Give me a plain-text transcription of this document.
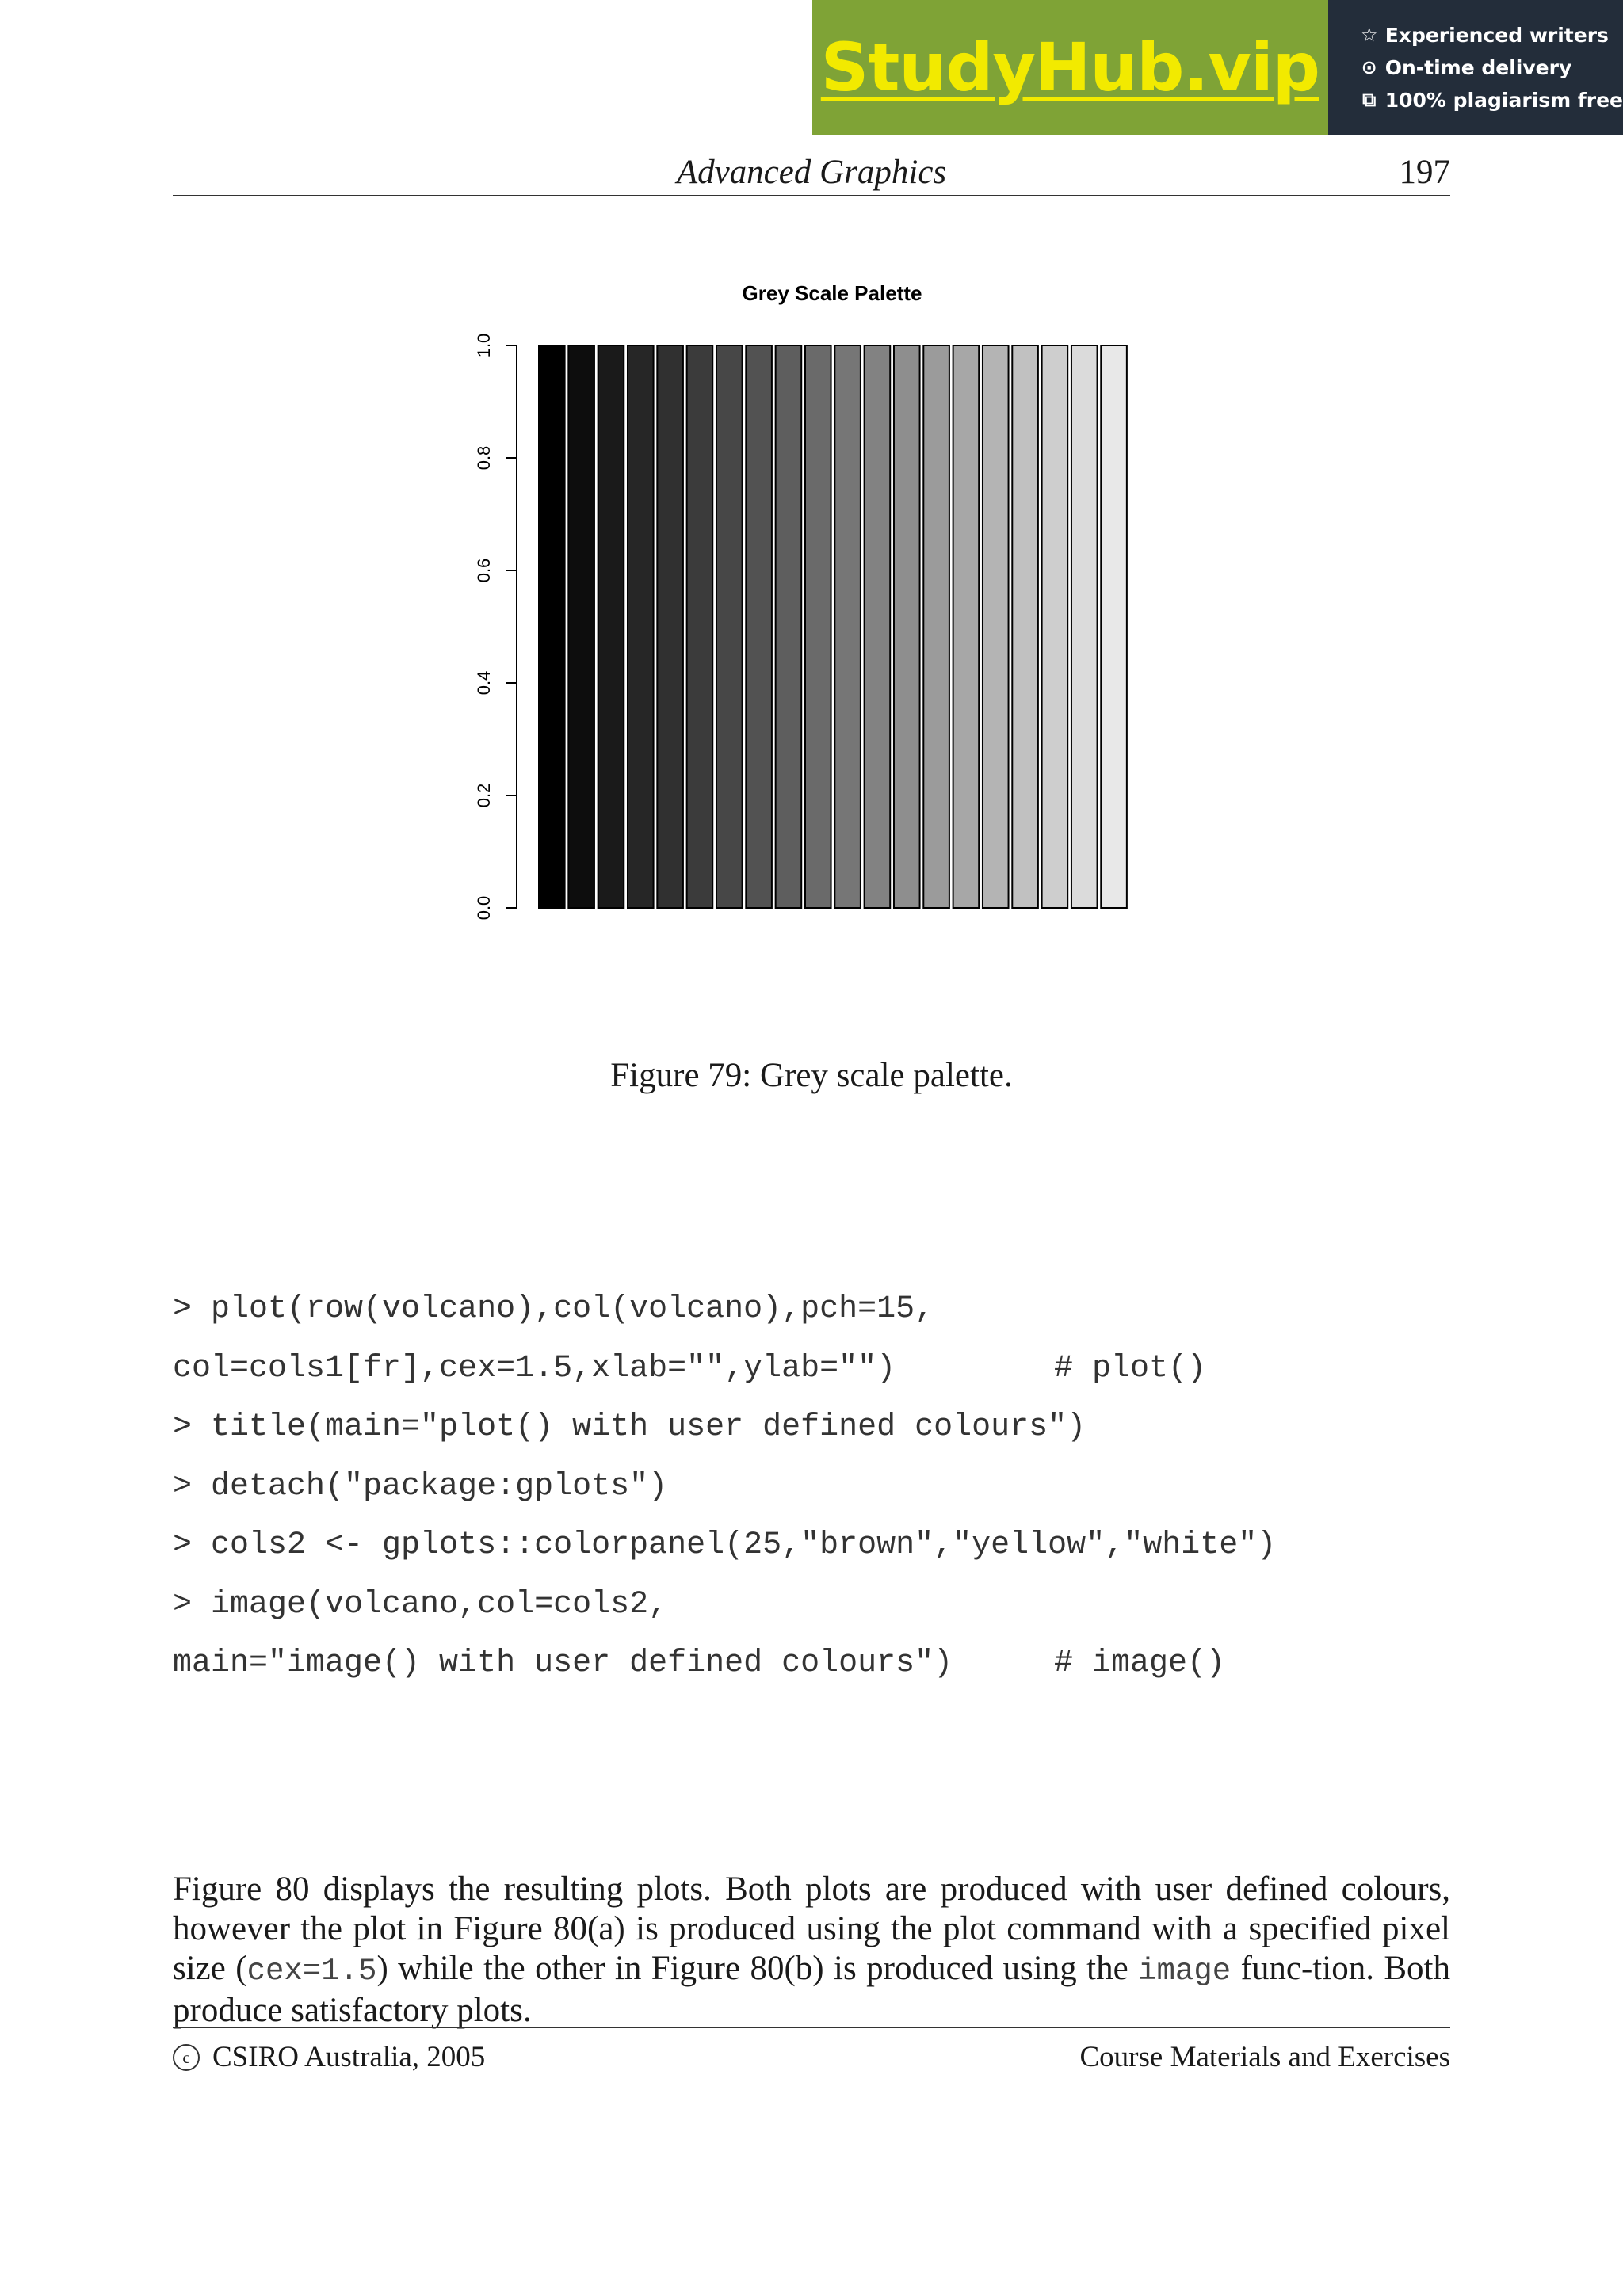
StudyHub.vip ☆ Experienced writers
⊙ On-time delivery
⧉ 100% plagiarism free
Advanced Graphics	197
Grey Scale Palette
0.0
0.2
0.4
0.6
0.8
1.0
Figure 79: Grey scale palette.
> plot(row(volcano),col(volcano),pch=15,
col=cols1[fr],cex=1.5,xlab="",ylab="")	# plot()
> title(main="plot() with user defined colours")
> detach("package:gplots")
> cols2 <- gplots::colorpanel(25,"brown","yellow","white")
> image(volcano,col=cols2,
main="image() with user defined colours")	# image()

Figure 80 displays the resulting plots. Both plots are produced with user defined colours, however the plot in Figure 80(a) is produced using the plot command with a specified pixel size (cex=1.5) while the other in Figure 80(b) is produced using the image func-tion. Both produce satisfactory plots.

c CSIRO Australia, 2005	Course Materials and Exercises
